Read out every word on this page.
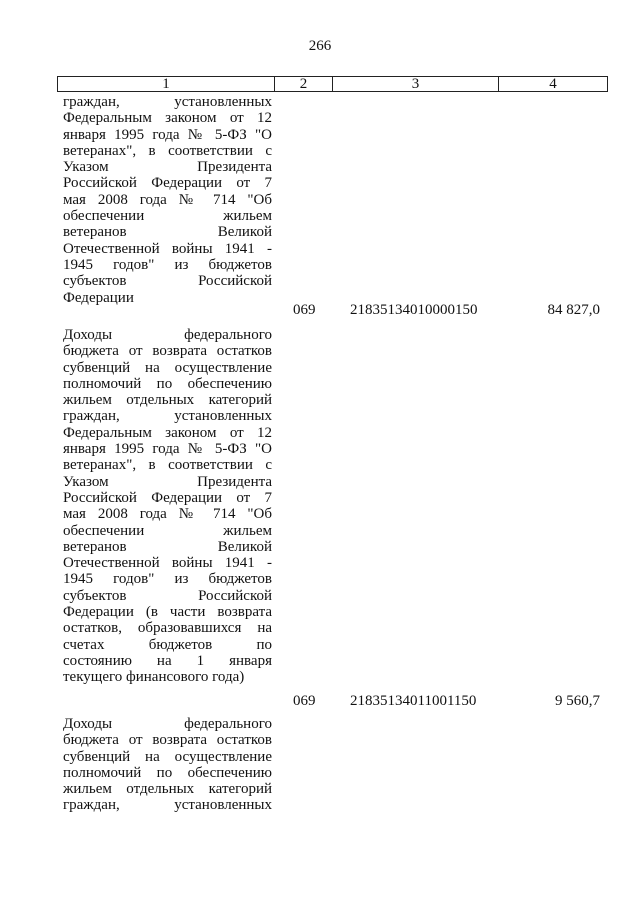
266
1	2	3	4
граждан, установленных
Федеральным законом от 12
января 1995 года № 5-ФЗ "О
ветеранах", в соответствии с
Указом Президента
Российской Федерации от 7
мая 2008 года № 714 "Об
обеспечении жильем
ветеранов Великой
Отечественной войны 1941 -
1945 годов" из бюджетов
субъектов Российской
Федерации
069	21835134010000150	84 827,0
Доходы федерального
бюджета от возврата остатков
субвенций на осуществление
полномочий по обеспечению
жильем отдельных категорий
граждан, установленных
Федеральным законом от 12
января 1995 года № 5-ФЗ "О
ветеранах", в соответствии с
Указом Президента
Российской Федерации от 7
мая 2008 года № 714 "Об
обеспечении жильем
ветеранов Великой
Отечественной войны 1941 -
1945 годов" из бюджетов
субъектов Российской
Федерации (в части возврата
остатков, образовавшихся на
счетах бюджетов по
состоянию на 1 января
текущего финансового года)
069	21835134011001150	9 560,7
Доходы федерального
бюджета от возврата остатков
субвенций на осуществление
полномочий по обеспечению
жильем отдельных категорий
граждан, установленных
